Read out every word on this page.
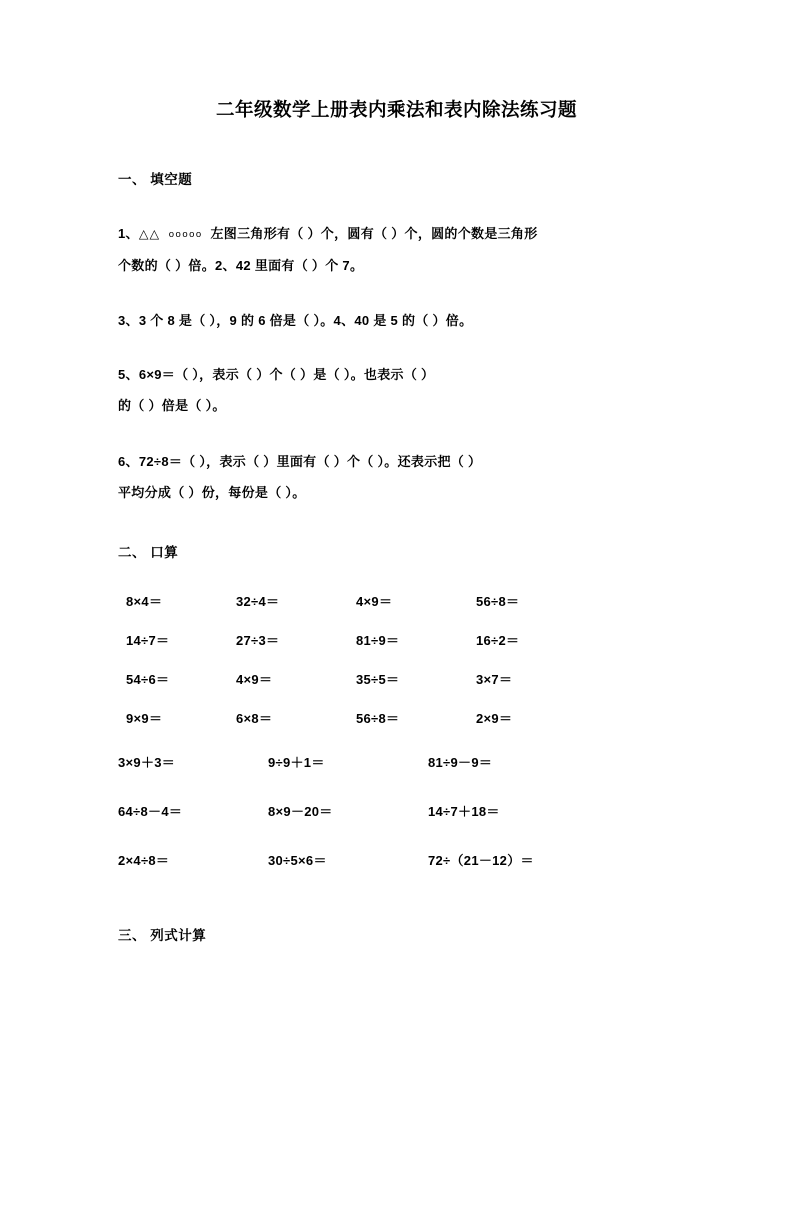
二年级数学上册表内乘法和表内除法练习题
一、 填空题
1、△△ ooooo 左图三角形有（ ）个，圆有（ ）个，圆的个数是三角形
个数的（ ）倍。2、42 里面有（ ）个 7。
3、3 个 8 是（ ），9 的 6 倍是（ ）。4、40 是 5 的（ ）倍。
5、6×9＝（ ），表示（ ）个（ ）是（ ）。也表示（ ）
的（ ）倍是（ ）。
6、72÷8＝（ ），表示（ ）里面有（ ）个（ ）。还表示把（ ）
平均分成（ ）份，每份是（ ）。
二、 口算
8×4＝	32÷4＝	4×9＝	56÷8＝
14÷7＝	27÷3＝	81÷9＝	16÷2＝
54÷6＝	4×9＝	35÷5＝	3×7＝
9×9＝	6×8＝	56÷8＝	2×9＝
3×9＋3＝	9÷9＋1＝	81÷9－9＝
64÷8－4＝	8×9－20＝	14÷7＋18＝
2×4÷8＝	30÷5×6＝	72÷（21－12）＝
三、 列式计算
